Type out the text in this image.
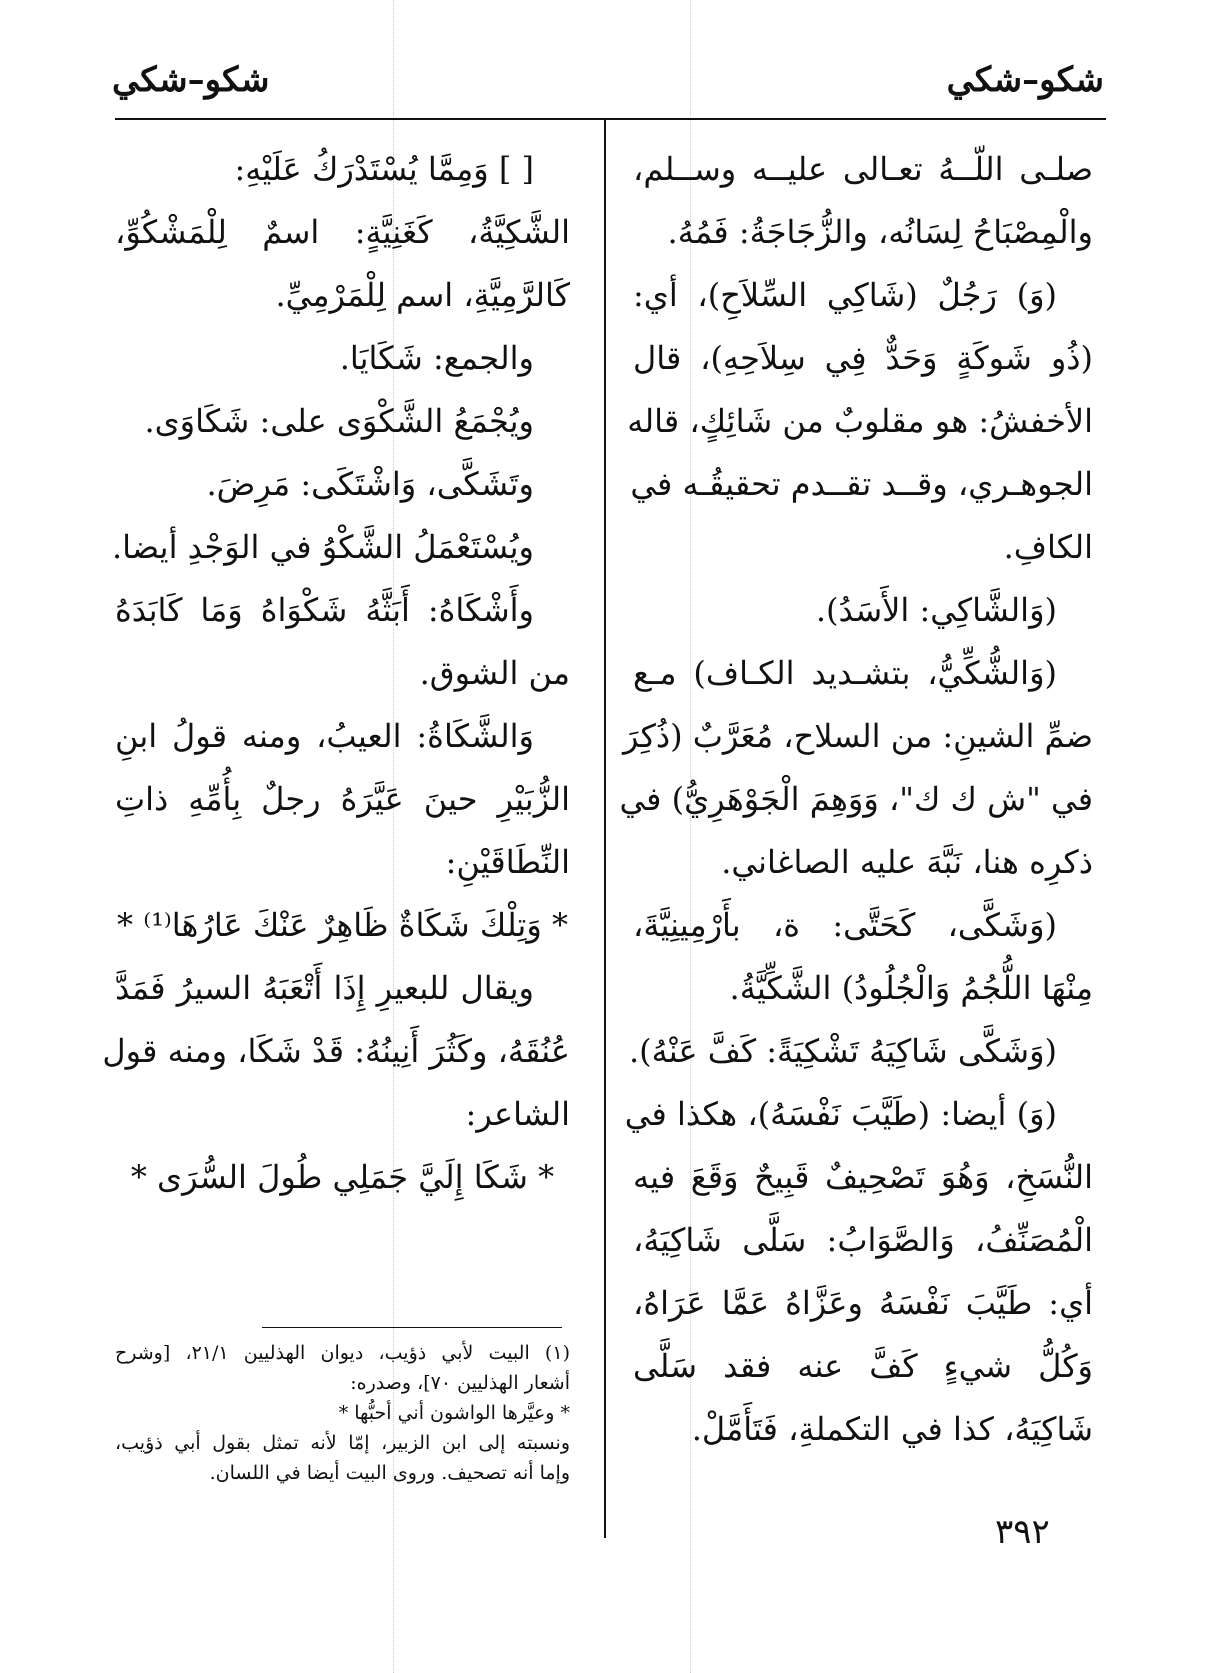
شكو–شكي
شكو–شكي
صلـى اللّــهُ تعـالى عليــه وســلم،
والْمِصْبَاحُ لِسَانُه، والزُّجَاجَةُ: فَمُهُ.
(وَ) رَجُلٌ (شَاكِي السِّلاَحِ)، أي:
(ذُو شَوكَةٍ وَحَدٌّ فِي سِلاَحِهِ)، قال
الأخفشُ: هو مقلوبٌ من شَائِكٍ، قاله
الجوهـري، وقــد تقــدم تحقيقُـه في
الكافِ.
(وَالشَّاكِي: الأَسَدُ).
(وَالشُّكِّيُّ، بتشـديد الكـاف) مـع
ضمِّ الشينِ: من السلاح، مُعَرَّبٌ (ذُكِرَ
في "ش ك ك"، وَوَهِمَ الْجَوْهَرِيُّ) في
ذكرِه هنا، نَبَّهَ عليه الصاغاني.
(وَشَكَّى، كَحَتَّى: ة، بأَرْمِينِيَّةَ،
مِنْهَا اللُّجُمُ وَالْجُلُودُ) الشَّكِّيَّةُ.
(وَشَكَّى شَاكِيَهُ تَشْكِيَةً: كَفَّ عَنْهُ).
(وَ) أيضا: (طَيَّبَ نَفْسَهُ)، هكذا في
النُّسَخِ، وَهُوَ تَصْحِيفٌ قَبِيحٌ وَقَعَ فيه
الْمُصَنِّفُ، وَالصَّوَابُ: سَلَّى شَاكِيَهُ،
أي: طَيَّبَ نَفْسَهُ وعَزَّاهُ عَمَّا عَرَاهُ،
وَكُلُّ شيءٍ كَفَّ عنه فقد سَلَّى
شَاكِيَهُ، كذا في التكملةِ، فَتَأَمَّلْ.
[ ] وَمِمَّا يُسْتَدْرَكُ عَلَيْهِ:
الشَّكِيَّةُ، كَغَنِيَّةٍ: اسمٌ لِلْمَشْكُوِّ،
كَالرَّمِيَّةِ، اسم لِلْمَرْمِيِّ.
والجمع: شَكَايَا.
ويُجْمَعُ الشَّكْوَى على: شَكَاوَى.
وتَشَكَّى، وَاشْتَكَى: مَرِضَ.
ويُسْتَعْمَلُ الشَّكْوُ في الوَجْدِ أيضا.
وأَشْكَاهُ: أَبَثَّهُ شَكْوَاهُ وَمَا كَابَدَهُ
من الشوق.
وَالشَّكَاةُ: العيبُ، ومنه قولُ ابنِ
الزُّبَيْرِ حينَ عَيَّرَهُ رجلٌ بِأُمِّهِ ذاتِ
النِّطَاقَيْنِ:
* وَتِلْكَ شَكَاةٌ ظَاهِرٌ عَنْكَ عَارُهَا⁽¹⁾ *
ويقال للبعيرِ إِذَا أَتْعَبَهُ السيرُ فَمَدَّ
عُنُقَهُ، وكَثُرَ أَنِينُهُ: قَدْ شَكَا، ومنه قول
الشاعر:
* شَكَا إِلَيَّ جَمَلِي طُولَ السُّرَى *
(١) البيت لأبي ذؤيب، ديوان الهذليين ٢١/١، [وشرح
أشعار الهذليين ٧٠]، وصدره:
* وعيَّرها الواشون أني أحبُّها *
ونسبته إلى ابن الزبير، إمّا لأنه تمثل بقول أبي ذؤيب،
وإما أنه تصحيف. وروى البيت أيضا في اللسان.
٣٩٢
